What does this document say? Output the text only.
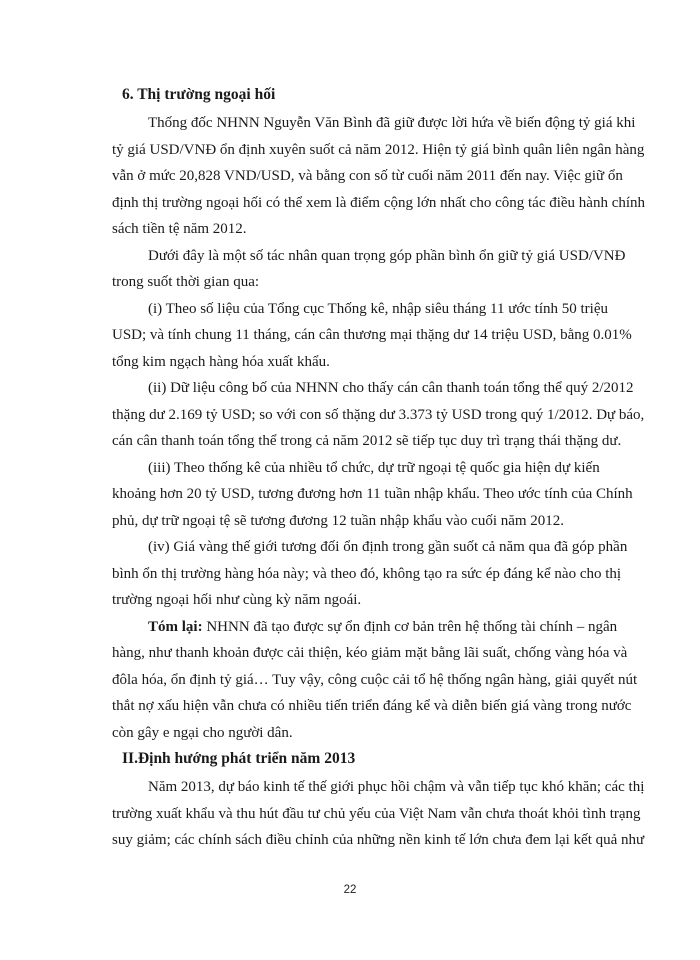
6. Thị trường ngoại hối
Thống đốc NHNN Nguyễn Văn Bình đã giữ được lời hứa về biến động tỷ giá khi
tỷ giá USD/VNĐ ổn định xuyên suốt cả năm 2012. Hiện tỷ giá bình quân liên ngân hàng
vẫn ở mức 20,828 VND/USD, và bằng con số từ cuối năm 2011 đến nay. Việc giữ ổn
định thị trường ngoại hối có thể xem là điểm cộng lớn nhất cho công tác điều hành chính
sách tiền tệ năm 2012.
Dưới đây là một số tác nhân quan trọng góp phần bình ổn giữ tỷ giá USD/VNĐ
trong suốt thời gian qua:
(i) Theo số liệu của Tổng cục Thống kê, nhập siêu tháng 11 ước tính 50 triệu
USD; và tính chung 11 tháng, cán cân thương mại thặng dư 14 triệu USD, bằng 0.01%
tổng kim ngạch hàng hóa xuất khẩu.
(ii) Dữ liệu công bố của NHNN cho thấy cán cân thanh toán tổng thể quý 2/2012
thặng dư 2.169 tỷ USD; so với con số thặng dư 3.373 tỷ USD trong quý 1/2012. Dự báo,
cán cân thanh toán tổng thể trong cả năm 2012 sẽ tiếp tục duy trì trạng thái thặng dư.
(iii) Theo thống kê của nhiều tổ chức, dự trữ ngoại tệ quốc gia hiện dự kiến
khoảng hơn 20 tỷ USD, tương đương hơn 11 tuần nhập khẩu. Theo ước tính của Chính
phủ, dự trữ ngoại tệ sẽ tương đương 12 tuần nhập khẩu vào cuối năm 2012.
(iv) Giá vàng thế giới tương đối ổn định trong gần suốt cả năm qua đã góp phần
bình ổn thị trường hàng hóa này; và theo đó, không tạo ra sức ép đáng kể nào cho thị
trường ngoại hối như cùng kỳ năm ngoái.
Tóm lại: NHNN đã tạo được sự ổn định cơ bản trên hệ thống tài chính – ngân
hàng, như thanh khoản được cải thiện, kéo giảm mặt bằng lãi suất, chống vàng hóa và
đôla hóa, ổn định tỷ giá… Tuy vậy, công cuộc cải tổ hệ thống ngân hàng, giải quyết nút
thắt nợ xấu hiện vẫn chưa có nhiều tiến triển đáng kể và diễn biến giá vàng trong nước
còn gây e ngại cho người dân.
II.Định hướng phát triển năm 2013
Năm 2013, dự báo kinh tế thế giới phục hồi chậm và vẫn tiếp tục khó khăn; các thị
trường xuất khẩu và thu hút đầu tư chủ yếu của Việt Nam vẫn chưa thoát khỏi tình trạng
suy giảm; các chính sách điều chỉnh của những nền kinh tế lớn chưa đem lại kết quả như
22
